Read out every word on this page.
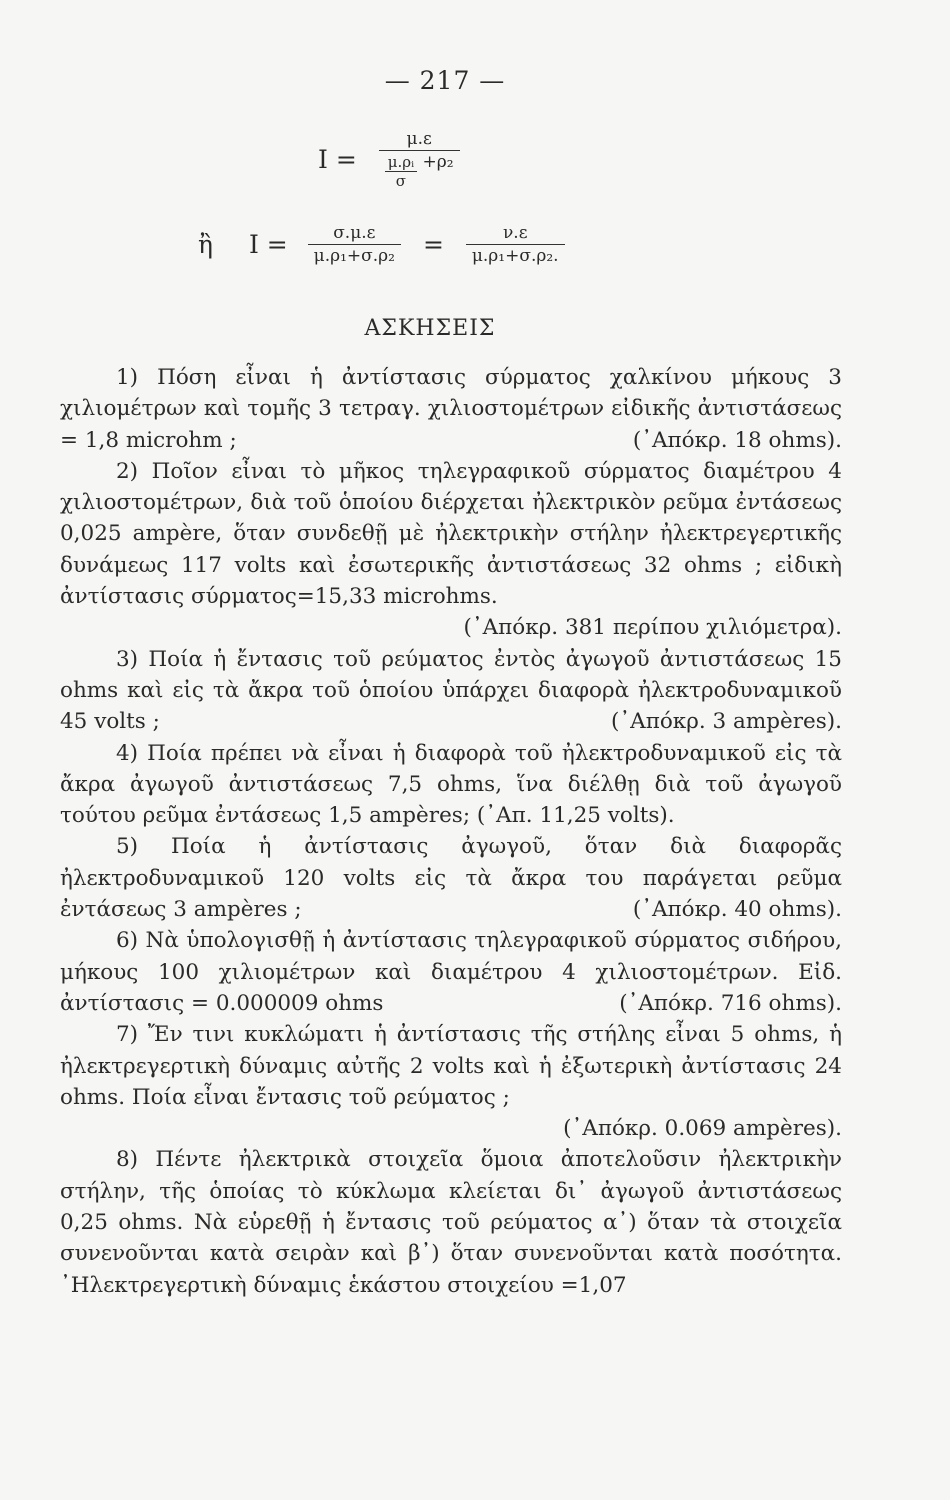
— 217 —
$I = \frac{\mu.\varepsilon}{\frac{\text{μ.ρᵢ}}{\sigma} +\rho_2}$
ἢ $I = \frac{\sigma.\mu.\varepsilon}{\text{μ.ρ₁+σ.ρ₂}} = \frac{\nu.\varepsilon}{\text{μ.ρ₁+σ.ρ₂.}}$
ΑΣΚΗΣΕΙΣ

1) Πόση εἶναι ἡ ἀντίστασις σύρματος χαλκίνου μήκους 3 χιλιομέτρων καὶ τομῆς 3 τετραγ. χιλιοστομέτρων εἰδικῆς ἀντιστάσεως = 1,8 microhm ;	(᾿Απόκρ. 18 ohms).

2) Ποῖον εἶναι τὸ μῆκος τηλεγραφικοῦ σύρματος διαμέτρου 4 χιλιοστομέτρων, διὰ τοῦ ὁποίου διέρχεται ἠλεκτρικὸν ρεῦμα ἐντάσεως 0,025 ampère, ὅταν συνδεθῇ μὲ ἠλεκτρικὴν στήλην ἠλεκτρεγερτικῆς δυνάμεως 117 volts καὶ ἐσωτερικῆς ἀντιστάσεως 32 ohms ; εἰδικὴ ἀντίστασις σύρματος=15,33 microhms.
(᾿Απόκρ. 381 περίπου χιλιόμετρα).

3) Ποία ἡ ἔντασις τοῦ ρεύματος ἐντὸς ἀγωγοῦ ἀντιστάσεως 15 ohms καὶ εἰς τὰ ἄκρα τοῦ ὁποίου ὑπάρχει διαφορὰ ἠλεκτροδυναμικοῦ 45 volts ;	(᾿Απόκρ. 3 ampères).

4) Ποία πρέπει νὰ εἶναι ἡ διαφορὰ τοῦ ἠλεκτροδυναμικοῦ εἰς τὰ ἄκρα ἀγωγοῦ ἀντιστάσεως 7,5 ohms, ἵνα διέλθῃ διὰ τοῦ ἀγωγοῦ τούτου ρεῦμα ἐντάσεως 1,5 ampères; (᾿Απ. 11,25 volts).

5) Ποία ἡ ἀντίστασις ἀγωγοῦ, ὅταν διὰ διαφορᾶς ἠλεκτροδυναμικοῦ 120 volts εἰς τὰ ἄκρα του παράγεται ρεῦμα ἐντάσεως 3 ampères ;	(᾿Απόκρ. 40 ohms).

6) Νὰ ὑπολογισθῇ ἡ ἀντίστασις τηλεγραφικοῦ σύρματος σιδήρου, μήκους 100 χιλιομέτρων καὶ διαμέτρου 4 χιλιοστομέτρων. Εἰδ. ἀντίστασις = 0.000009 ohms	(᾿Απόκρ. 716 ohms).

7) Ἔν τινι κυκλώματι ἡ ἀντίστασις τῆς στήλης εἶναι 5 ohms, ἡ ἠλεκτρεγερτικὴ δύναμις αὐτῆς 2 volts καὶ ἡ ἐξωτερικὴ ἀντίστασις 24 ohms. Ποία εἶναι ἔντασις τοῦ ρεύματος ;
(᾿Απόκρ. 0.069 ampères).

8) Πέντε ἠλεκτρικὰ στοιχεῖα ὅμοια ἀποτελοῦσιν ἠλεκτρικὴν στήλην, τῆς ὁποίας τὸ κύκλωμα κλείεται δι᾿ ἀγωγοῦ ἀντιστάσεως 0,25 ohms. Νὰ εὑρεθῇ ἡ ἔντασις τοῦ ρεύματος α᾿) ὅταν τὰ στοιχεῖα συνενοῦνται κατὰ σειρὰν καὶ β᾿) ὅταν συνενοῦνται κατὰ ποσότητα. ᾿Ηλεκτρεγερτικὴ δύναμις ἑκάστου στοιχείου =1,07
